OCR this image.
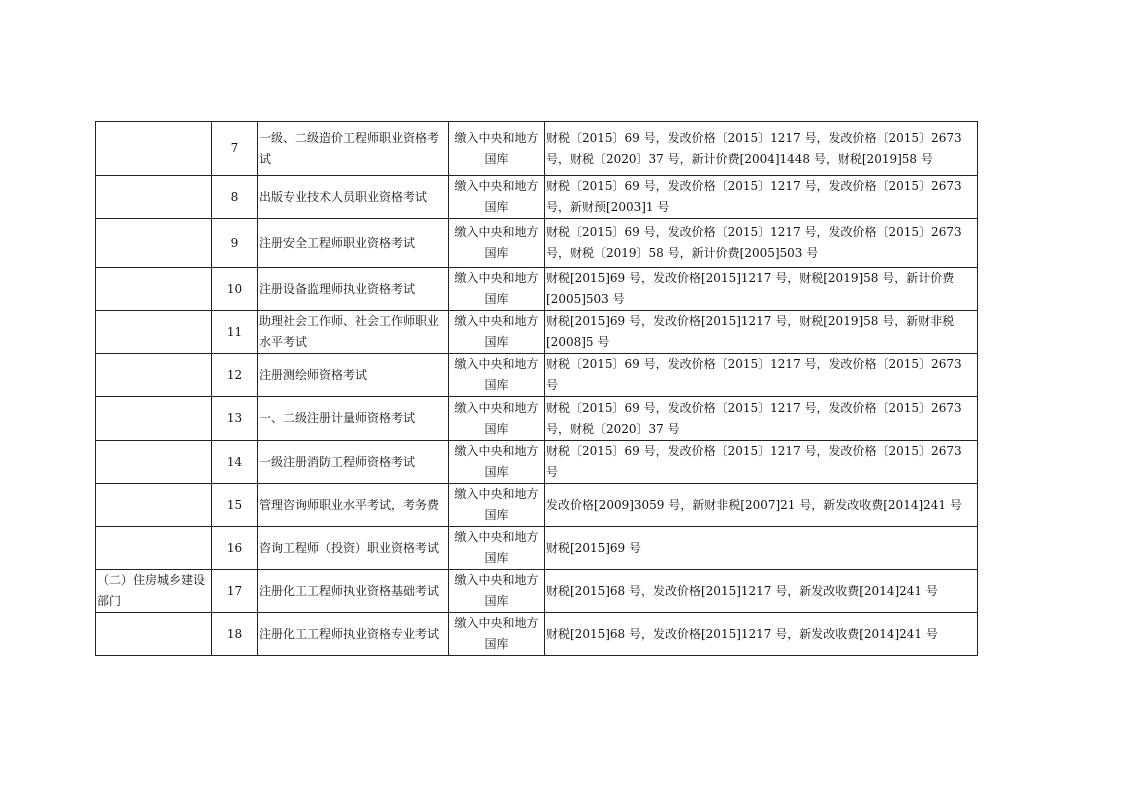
	7	一级、二级造价工程师职业资格考试	缴入中央和地方国库	财税〔2015〕69 号，发改价格〔2015〕1217 号，发改价格〔2015〕2673 号，财税〔2020〕37 号，新计价费[2004]1448 号，财税[2019]58 号
	8	出版专业技术人员职业资格考试	缴入中央和地方国库	财税〔2015〕69 号，发改价格〔2015〕1217 号，发改价格〔2015〕2673 号，新财预[2003]1 号
	9	注册安全工程师职业资格考试	缴入中央和地方国库	财税〔2015〕69 号，发改价格〔2015〕1217 号，发改价格〔2015〕2673 号，财税〔2019〕58 号，新计价费[2005]503 号
	10	注册设备监理师执业资格考试	缴入中央和地方国库	财税[2015]69 号，发改价格[2015]1217 号，财税[2019]58 号，新计价费[2005]503 号
	11	助理社会工作师、社会工作师职业水平考试	缴入中央和地方国库	财税[2015]69 号，发改价格[2015]1217 号，财税[2019]58 号，新财非税[2008]5 号
	12	注册测绘师资格考试	缴入中央和地方国库	财税〔2015〕69 号，发改价格〔2015〕1217 号，发改价格〔2015〕2673 号
	13	一、二级注册计量师资格考试	缴入中央和地方国库	财税〔2015〕69 号，发改价格〔2015〕1217 号，发改价格〔2015〕2673 号，财税〔2020〕37 号
	14	一级注册消防工程师资格考试	缴入中央和地方国库	财税〔2015〕69 号，发改价格〔2015〕1217 号，发改价格〔2015〕2673 号
	15	管理咨询师职业水平考试，考务费	缴入中央和地方国库	发改价格[2009]3059 号，新财非税[2007]21 号，新发改收费[2014]241 号
	16	咨询工程师（投资）职业资格考试	缴入中央和地方国库	财税[2015]69 号
（二）住房城乡建设部门	17	注册化工工程师执业资格基础考试	缴入中央和地方国库	财税[2015]68 号，发改价格[2015]1217 号，新发改收费[2014]241 号
	18	注册化工工程师执业资格专业考试	缴入中央和地方国库	财税[2015]68 号，发改价格[2015]1217 号，新发改收费[2014]241 号
